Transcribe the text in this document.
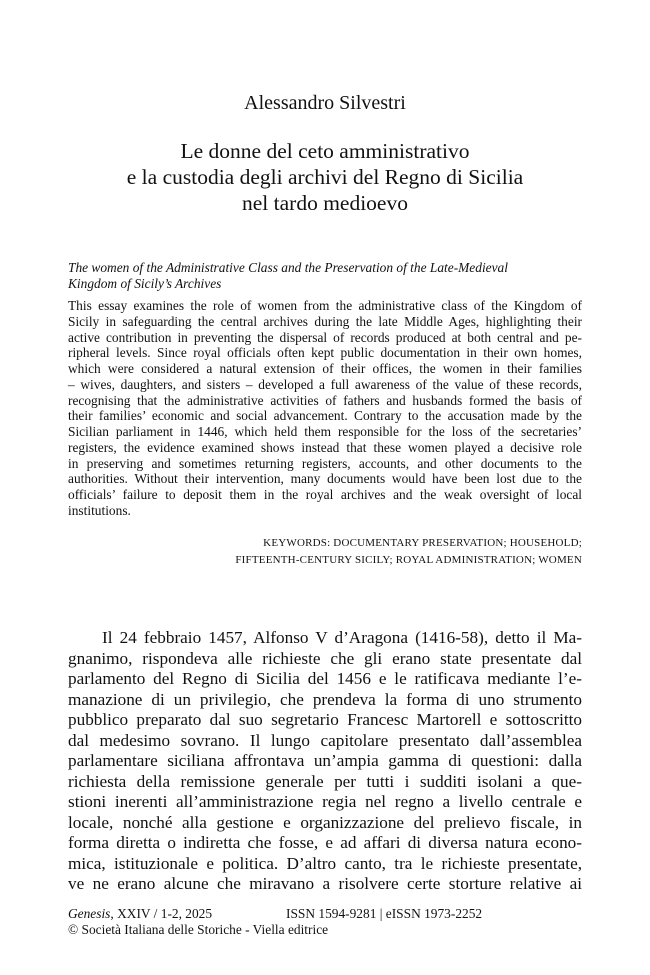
Alessandro Silvestri
Le donne del ceto amministrativo
e la custodia degli archivi del Regno di Sicilia
nel tardo medioevo
The women of the Administrative Class and the Preservation of the Late-Medieval
Kingdom of Sicily’s Archives
This essay examines the role of women from the administrative class of the Kingdom of
Sicily in safeguarding the central archives during the late Middle Ages, highlighting their
active contribution in preventing the dispersal of records produced at both central and pe-
ripheral levels. Since royal officials often kept public documentation in their own homes,
which were considered a natural extension of their offices, the women in their families
– wives, daughters, and sisters – developed a full awareness of the value of these records,
recognising that the administrative activities of fathers and husbands formed the basis of
their families’ economic and social advancement. Contrary to the accusation made by the
Sicilian parliament in 1446, which held them responsible for the loss of the secretaries’
registers, the evidence examined shows instead that these women played a decisive role
in preserving and sometimes returning registers, accounts, and other documents to the
authorities. Without their intervention, many documents would have been lost due to the
officials’ failure to deposit them in the royal archives and the weak oversight of local
institutions.
KEYWORDS: DOCUMENTARY PRESERVATION; HOUSEHOLD;
FIFTEENTH-CENTURY SICILY; ROYAL ADMINISTRATION; WOMEN
Il 24 febbraio 1457, Alfonso V d’Aragona (1416-58), detto il Ma-
gnanimo, rispondeva alle richieste che gli erano state presentate dal
parlamento del Regno di Sicilia del 1456 e le ratificava mediante l’e-
manazione di un privilegio, che prendeva la forma di uno strumento
pubblico preparato dal suo segretario Francesc Martorell e sottoscritto
dal medesimo sovrano. Il lungo capitolare presentato dall’assemblea
parlamentare siciliana affrontava un’ampia gamma di questioni: dalla
richiesta della remissione generale per tutti i sudditi isolani a que-
stioni inerenti all’amministrazione regia nel regno a livello centrale e
locale, nonché alla gestione e organizzazione del prelievo fiscale, in
forma diretta o indiretta che fosse, e ad affari di diversa natura econo-
mica, istituzionale e politica. D’altro canto, tra le richieste presentate,
ve ne erano alcune che miravano a risolvere certe storture relative ai
Genesis, XXIV / 1-2, 2025	ISSN 1594-9281 | eISSN 1973-2252
© Società Italiana delle Storiche - Viella editrice
